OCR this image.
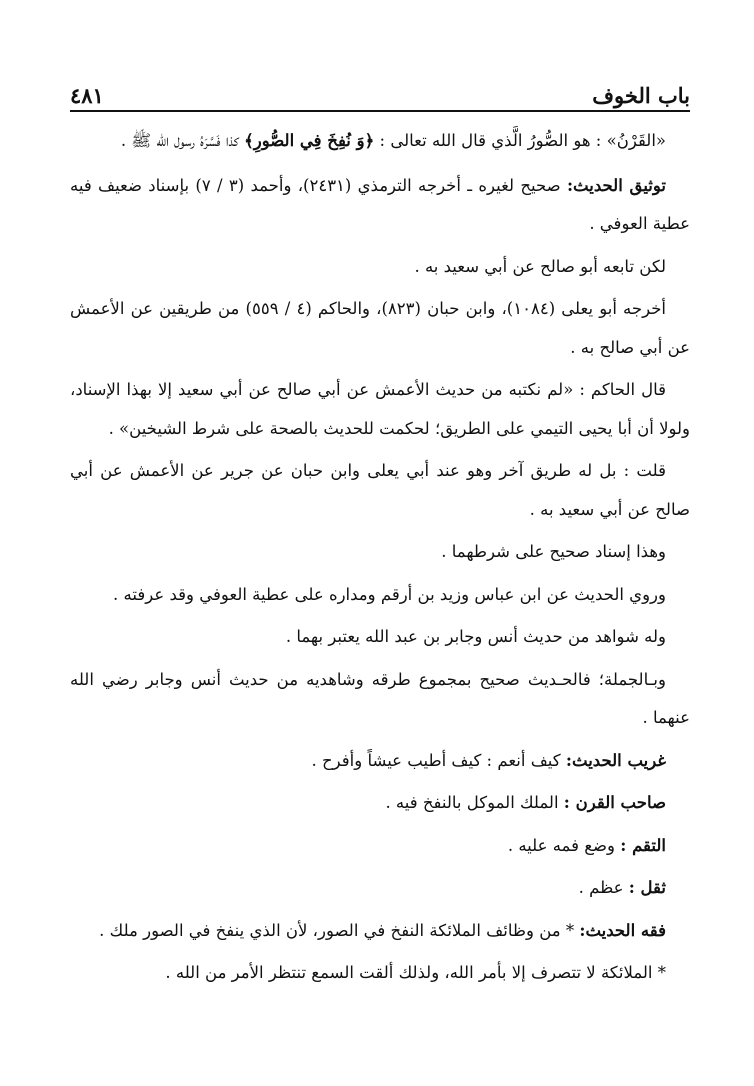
باب الخوف
٤٨١

«القَرْنُ» : هو الصُّورُ الَّذي قال الله تعالى : ﴿وَ نُفِخَ فِي الصُّورِ﴾ كذا فَسَّرَهُ رسول الله ﷺ .

توثيق الحديث: صحيح لغيره ـ أخرجه الترمذي (٢٤٣١)، وأحمد (٣ / ٧) بإسناد ضعيف فيه عطية العوفي .

لكن تابعه أبو صالح عن أبي سعيد به .

أخرجه أبو يعلى (١٠٨٤)، وابن حبان (٨٢٣)، والحاكم (٤ / ٥٥٩) من طريقين عن الأعمش عن أبي صالح به .

قال الحاكم : «لم نكتبه من حديث الأعمش عن أبي صالح عن أبي سعيد إلا بهذا الإسناد، ولولا أن أبا يحيى التيمي على الطريق؛ لحكمت للحديث بالصحة على شرط الشيخين» .

قلت : بل له طريق آخر وهو عند أبي يعلى وابن حبان عن جرير عن الأعمش عن أبي صالح عن أبي سعيد به .

وهذا إسناد صحيح على شرطهما .

وروي الحديث عن ابن عباس وزيد بن أرقم ومداره على عطية العوفي وقد عرفته .

وله شواهد من حديث أنس وجابر بن عبد الله يعتبر بهما .

وبـالجملة؛ فالحـديث صحيح بمجموع طرقه وشاهديه من حديث أنس وجابر رضي الله عنهما .

غريب الحديث: كيف أنعم : كيف أطيب عيشاً وأفرح .

صاحب القرن : الملك الموكل بالنفخ فيه .

التقم : وضع فمه عليه .

ثقل : عظم .

فقه الحديث: * من وظائف الملائكة النفخ في الصور، لأن الذي ينفخ في الصور ملك .

* الملائكة لا تتصرف إلا بأمر الله، ولذلك ألقت السمع تنتظر الأمر من الله .
